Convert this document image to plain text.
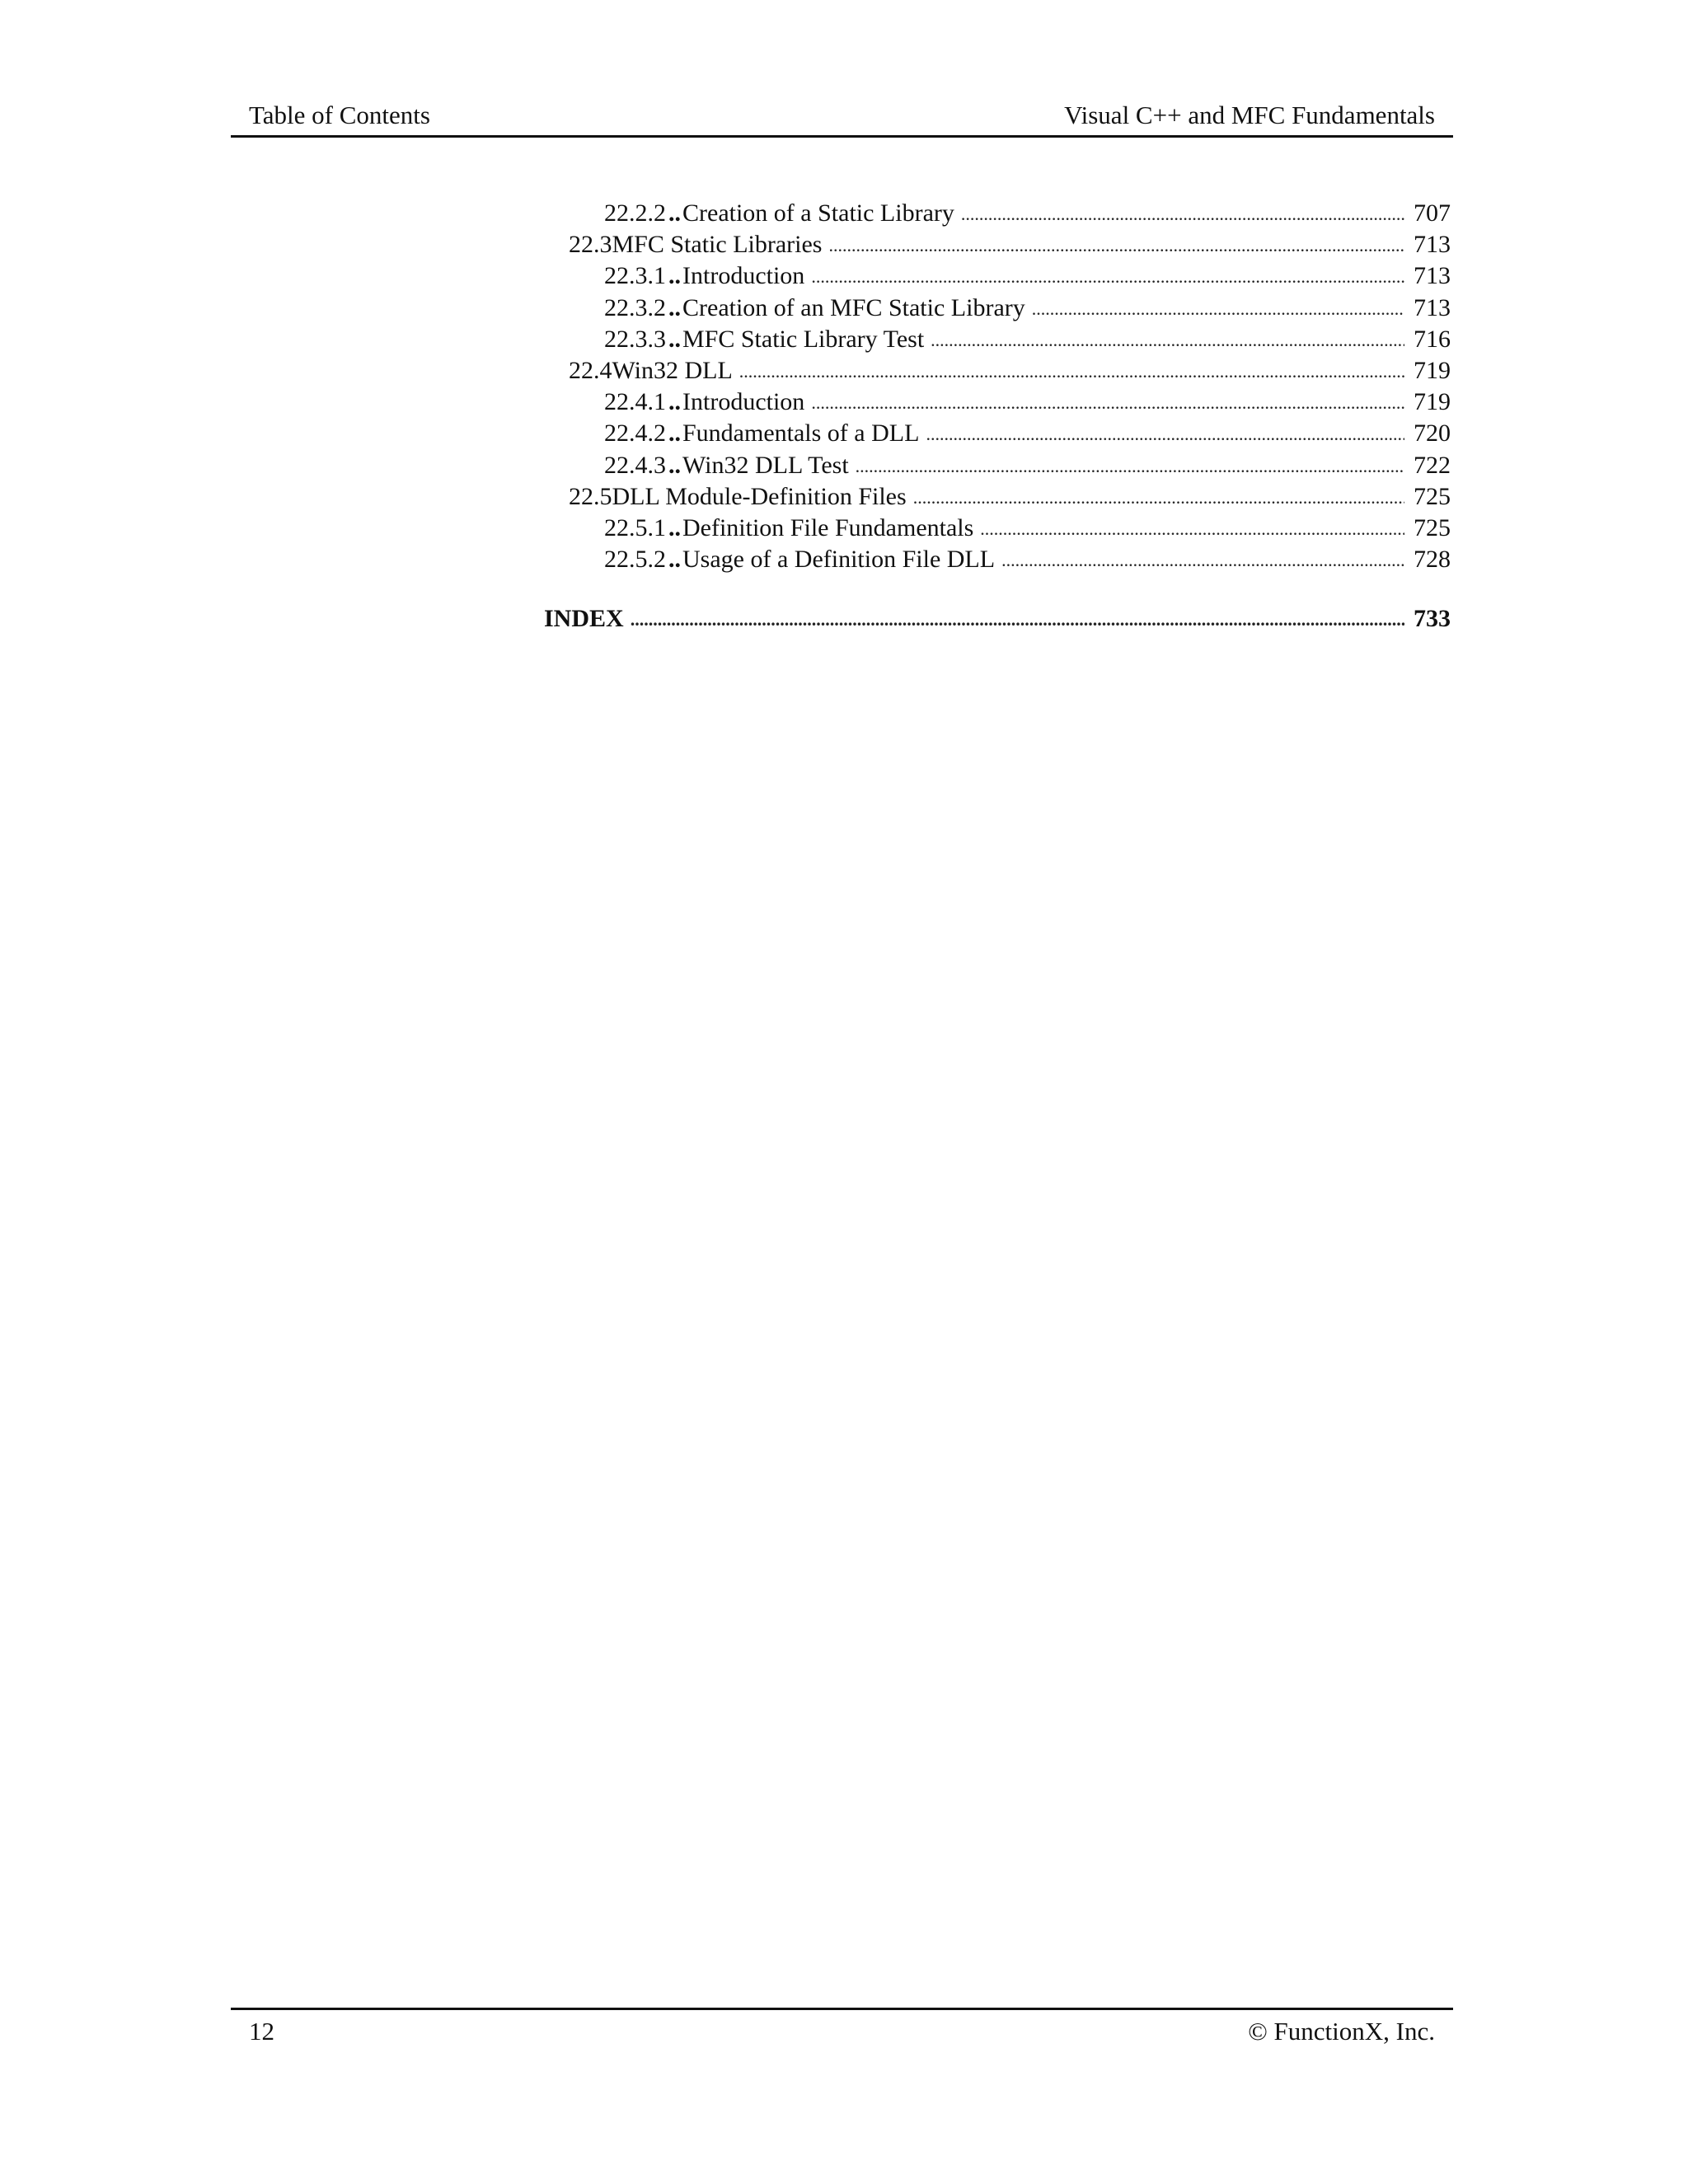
Table of Contents	Visual C++ and MFC Fundamentals
22.2.2 .. Creation of a Static Library .....	707
22.3 MFC Static Libraries .....	713
22.3.1 .. Introduction .....	713
22.3.2 .. Creation of an MFC Static Library .....	713
22.3.3 .. MFC Static Library Test .....	716
22.4 Win32 DLL .....	719
22.4.1 .. Introduction .....	719
22.4.2 .. Fundamentals of a DLL .....	720
22.4.3 .. Win32 DLL Test .....	722
22.5 DLL Module-Definition Files .....	725
22.5.1 .. Definition File Fundamentals .....	725
22.5.2 .. Usage of a Definition File DLL .....	728
INDEX .....	733
12	© FunctionX, Inc.
